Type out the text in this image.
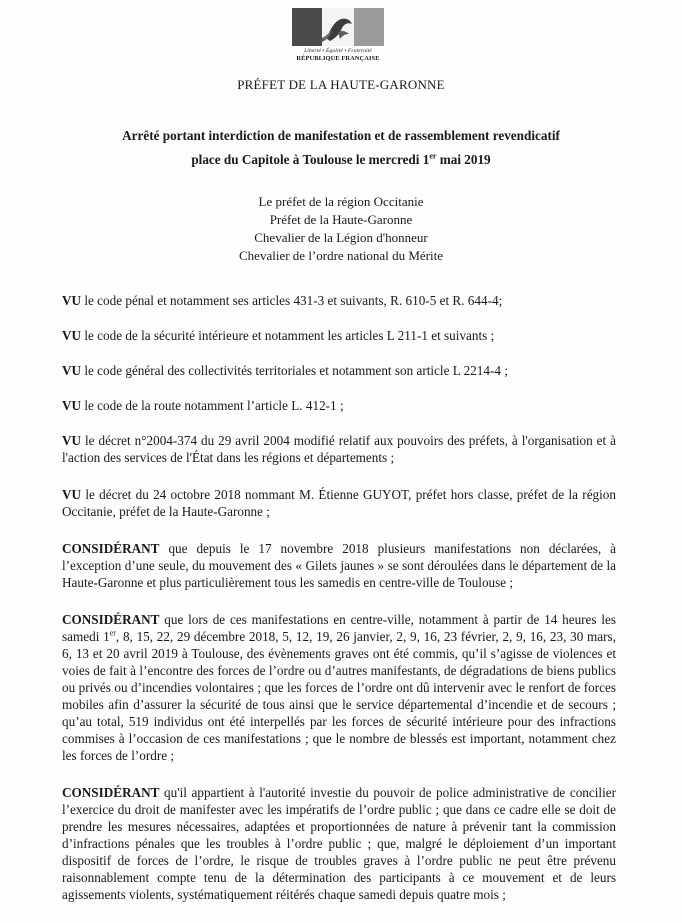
Liberté • Égalité • Fraternité
RÉPUBLIQUE FRANÇAISE
PRÉFET DE LA HAUTE-GARONNE
Arrêté portant interdiction de manifestation et de rassemblement revendicatif
place du Capitole à Toulouse le mercredi 1er mai 2019
Le préfet de la région Occitanie
Préfet de la Haute-Garonne
Chevalier de la Légion d'honneur
Chevalier de l’ordre national du Mérite

VU le code pénal et notamment ses articles 431-3 et suivants, R. 610-5 et R. 644-4;

VU le code de la sécurité intérieure et notamment les articles L 211-1 et suivants ;

VU le code général des collectivités territoriales et notamment son article L 2214-4 ;

VU le code de la route notamment l’article L. 412-1 ;

VU le décret n°2004-374 du 29 avril 2004 modifié relatif aux pouvoirs des préfets, à l'organisation et à l'action des services de l'État dans les régions et départements ;

VU le décret du 24 octobre 2018 nommant M. Étienne GUYOT, préfet hors classe, préfet de la région Occitanie, préfet de la Haute-Garonne ;

CONSIDÉRANT que depuis le 17 novembre 2018 plusieurs manifestations non déclarées, à l’exception d’une seule, du mouvement des « Gilets jaunes » se sont déroulées dans le département de la Haute-Garonne et plus particulièrement tous les samedis en centre-ville de Toulouse ;

CONSIDÉRANT que lors de ces manifestations en centre-ville, notamment à partir de 14 heures les samedi 1er, 8, 15, 22, 29 décembre 2018, 5, 12, 19, 26 janvier, 2, 9, 16, 23 février, 2, 9, 16, 23, 30 mars, 6, 13 et 20 avril 2019 à Toulouse, des évènements graves ont été commis, qu’il s’agisse de violences et voies de fait à l’encontre des forces de l’ordre ou d’autres manifestants, de dégradations de biens publics ou privés ou d’incendies volontaires ; que les forces de l’ordre ont dû intervenir avec le renfort de forces mobiles afin d’assurer la sécurité de tous ainsi que le service départemental d’incendie et de secours ; qu’au total, 519 individus ont été interpellés par les forces de sécurité intérieure pour des infractions commises à l’occasion de ces manifestations ; que le nombre de blessés est important, notamment chez les forces de l’ordre ;

CONSIDÉRANT qu'il appartient à l'autorité investie du pouvoir de police administrative de concilier l’exercice du droit de manifester avec les impératifs de l’ordre public ; que dans ce cadre elle se doit de prendre les mesures nécessaires, adaptées et proportionnées de nature à prévenir tant la commission d’infractions pénales que les troubles à l’ordre public ; que, malgré le déploiement d’un important dispositif de forces de l’ordre, le risque de troubles graves à l’ordre public ne peut être prévenu raisonnablement compte tenu de la détermination des participants à ce mouvement et de leurs agissements violents, systématiquement réitérés chaque samedi depuis quatre mois ;
